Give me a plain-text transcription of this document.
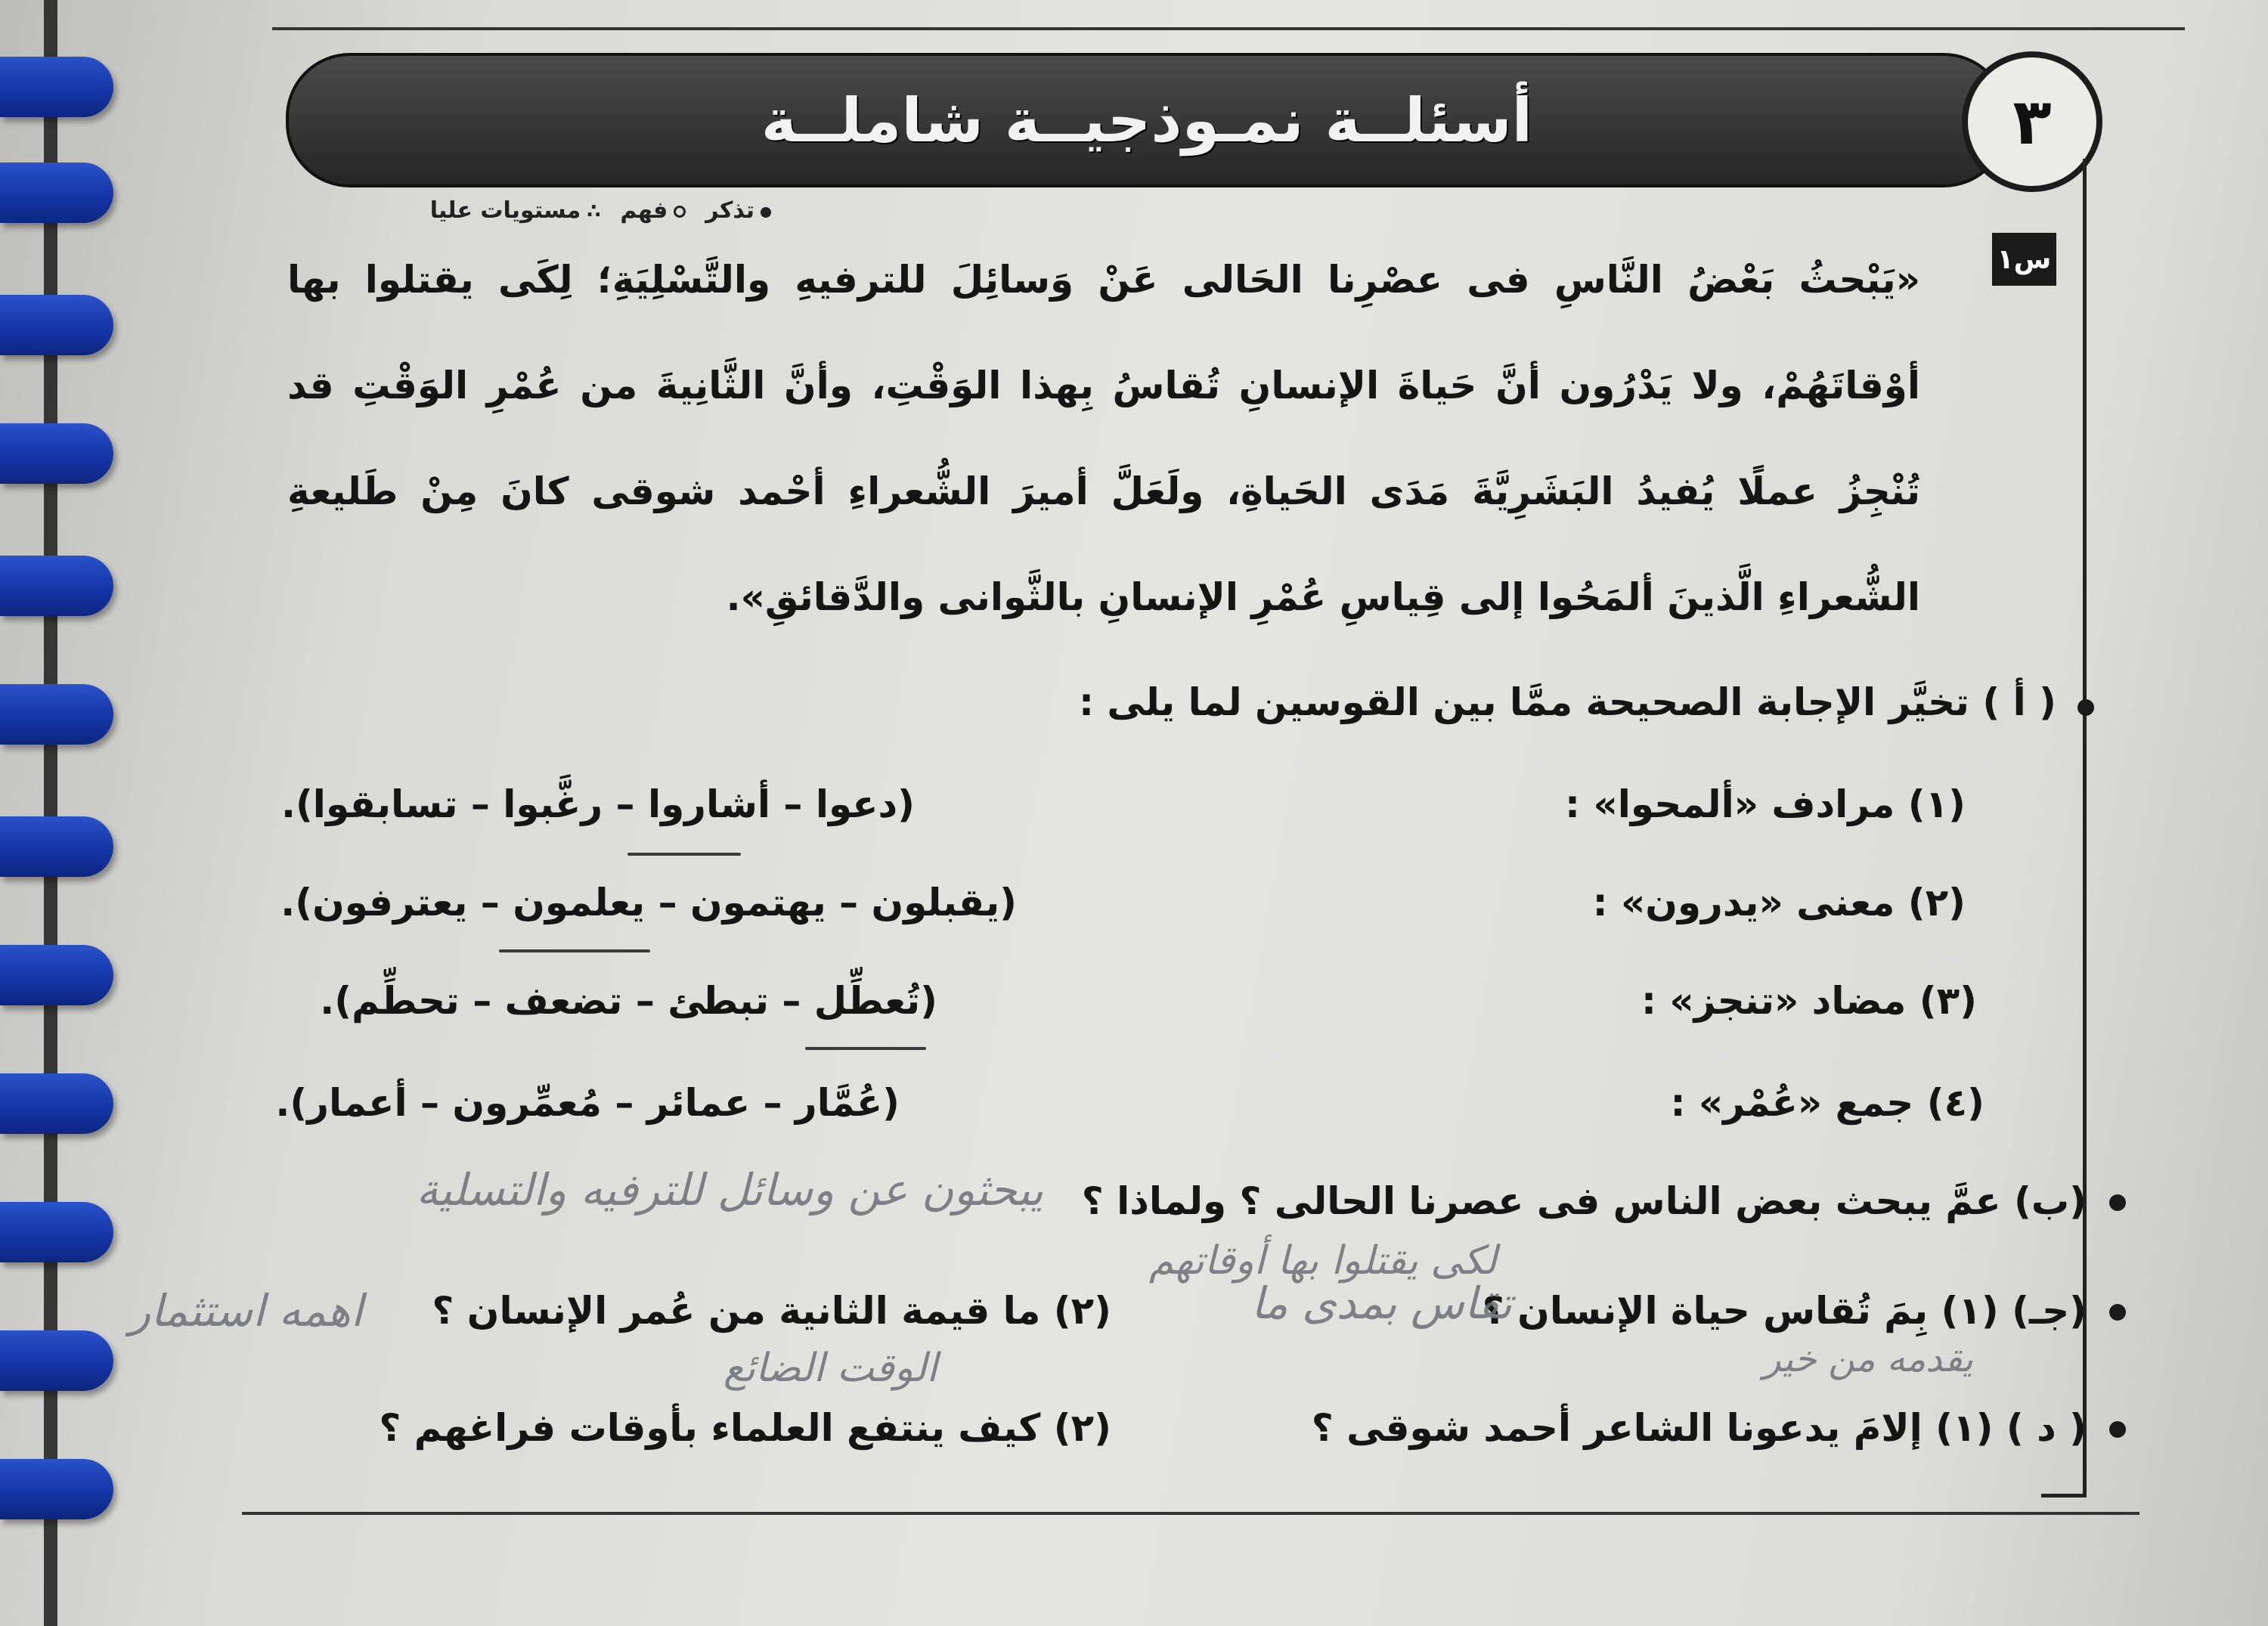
أسئلــة نمـوذجيــة شاملــة	٣
تذكر
فهم
∴مستويات عليا
س١
«يَبْحثُ بَعْضُ النَّاسِ فى عصْرِنا الحَالى عَنْ وَسائِلَ للترفيهِ والتَّسْلِيَةِ؛ لِكَى يقتلوا بها أوْقاتَهُمْ، ولا يَدْرُون أنَّ حَياةَ الإنسانِ تُقاسُ بِهذا الوَقْتِ، وأنَّ الثَّانِيةَ من عُمْرِ الوَقْتِ قد تُنْجِزُ عملًا يُفيدُ البَشَرِيَّةَ مَدَى الحَياةِ، ولَعَلَّ أميرَ الشُّعراءِ أحْمد شوقى كانَ مِنْ طَليعةِ الشُّعراءِ الَّذينَ ألمَحُوا إلى قِياسِ عُمْرِ الإنسانِ بالثَّوانى والدَّقائقِ».
( أ ) تخيَّر الإجابة الصحيحة ممَّا بين القوسين لما يلى :
(١) مرادف «ألمحوا» :
(دعوا – أشاروا – رغَّبوا – تسابقوا).
(٢) معنى «يدرون» :
(يقبلون – يهتمون – يعلمون – يعترفون).
(٣) مضاد «تنجز» :
(تُعطِّل – تبطئ – تضعف – تحطِّم).
(٤) جمع «عُمْر» :
(عُمَّار – عمائر – مُعمِّرون – أعمار).
(ب) عمَّ يبحث بعض الناس فى عصرنا الحالى ؟ ولماذا ؟
يبحثون عن وسائل للترفيه والتسلية
لكى يقتلوا بها أوقاتهم
(جـ) (١) بِمَ تُقاس حياة الإنسان ؟
(٢) ما قيمة الثانية من عُمر الإنسان ؟	تقاس بمدى ما
اهمه استثمار
يقدمه من خير
الوقت الضائع
( د ) (١) إلامَ يدعونا الشاعر أحمد شوقى ؟
(٢) كيف ينتفع العلماء بأوقات فراغهم ؟
